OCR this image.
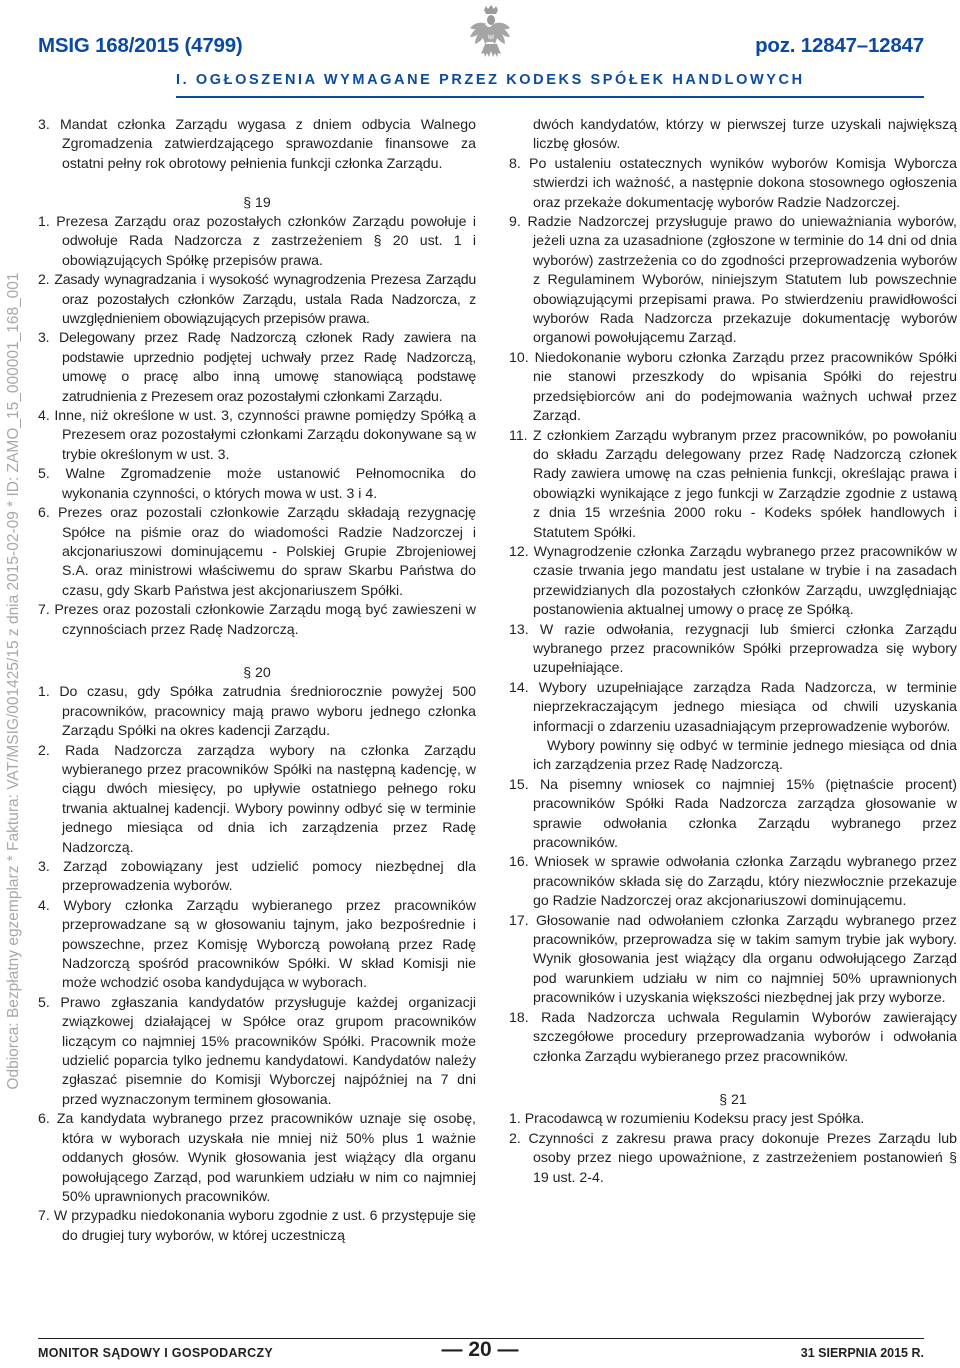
MSIG 168/2015 (4799)	poz. 12847–12847
I. OGŁOSZENIA WYMAGANE PRZEZ KODEKS SPÓŁEK HANDLOWYCH
Odbiorca: Bezpłatny egzemplarz * Faktura: VAT/MSIG/001425/15 z dnia 2015-02-09 * ID: ZAMO_15_000001_168_001

3. Mandat członka Zarządu wygasa z dniem odbycia Walnego Zgromadzenia zatwierdzającego sprawozdanie finansowe za ostatni pełny rok obrotowy pełnienia funkcji członka Zarządu.

§ 19

1. Prezesa Zarządu oraz pozostałych członków Zarządu powołuje i odwołuje Rada Nadzorcza z zastrzeżeniem § 20 ust. 1 i obowiązujących Spółkę przepisów prawa.

2. Zasady wynagradzania i wysokość wynagrodzenia Prezesa Zarządu oraz pozostałych członków Zarządu, ustala Rada Nadzorcza, z uwzględnieniem obowiązujących przepisów prawa.

3. Delegowany przez Radę Nadzorczą członek Rady zawiera na podstawie uprzednio podjętej uchwały przez Radę Nadzorczą, umowę o pracę albo inną umowę stanowiącą podstawę zatrudnienia z Prezesem oraz pozostałymi członkami Zarządu.

4. Inne, niż określone w ust. 3, czynności prawne pomiędzy Spółką a Prezesem oraz pozostałymi członkami Zarządu dokonywane są w trybie określonym w ust. 3.

5. Walne Zgromadzenie może ustanowić Pełnomocnika do wykonania czynności, o których mowa w ust. 3 i 4.

6. Prezes oraz pozostali członkowie Zarządu składają rezygnację Spółce na piśmie oraz do wiadomości Radzie Nadzorczej i akcjonariuszowi dominującemu - Polskiej Grupie Zbrojeniowej S.A. oraz ministrowi właściwemu do spraw Skarbu Państwa do czasu, gdy Skarb Państwa jest akcjonariuszem Spółki.

7. Prezes oraz pozostali członkowie Zarządu mogą być zawieszeni w czynnościach przez Radę Nadzorczą.

§ 20

1. Do czasu, gdy Spółka zatrudnia średniorocznie powyżej 500 pracowników, pracownicy mają prawo wyboru jednego członka Zarządu Spółki na okres kadencji Zarządu.

2. Rada Nadzorcza zarządza wybory na członka Zarządu wybieranego przez pracowników Spółki na następną kadencję, w ciągu dwóch miesięcy, po upływie ostatniego pełnego roku trwania aktualnej kadencji. Wybory powinny odbyć się w terminie jednego miesiąca od dnia ich zarządzenia przez Radę Nadzorczą.

3. Zarząd zobowiązany jest udzielić pomocy niezbędnej dla przeprowadzenia wyborów.

4. Wybory członka Zarządu wybieranego przez pracowników przeprowadzane są w głosowaniu tajnym, jako bezpośrednie i powszechne, przez Komisję Wyborczą powołaną przez Radę Nadzorczą spośród pracowników Spółki. W skład Komisji nie może wchodzić osoba kandydująca w wyborach.

5. Prawo zgłaszania kandydatów przysługuje każdej organizacji związkowej działającej w Spółce oraz grupom pracowników liczącym co najmniej 15% pracowników Spółki. Pracownik może udzielić poparcia tylko jednemu kandydatowi. Kandydatów należy zgłaszać pisemnie do Komisji Wyborczej najpóźniej na 7 dni przed wyznaczonym terminem głosowania.

6. Za kandydata wybranego przez pracowników uznaje się osobę, która w wyborach uzyskała nie mniej niż 50% plus 1 ważnie oddanych głosów. Wynik głosowania jest wiążący dla organu powołującego Zarząd, pod warunkiem udziału w nim co najmniej 50% uprawnionych pracowników.

7. W przypadku niedokonania wyboru zgodnie z ust. 6 przystępuje się do drugiej tury wyborów, w której uczestniczą

dwóch kandydatów, którzy w pierwszej turze uzyskali największą liczbę głosów.

8. Po ustaleniu ostatecznych wyników wyborów Komisja Wyborcza stwierdzi ich ważność, a następnie dokona stosownego ogłoszenia oraz przekaże dokumentację wyborów Radzie Nadzorczej.

9. Radzie Nadzorczej przysługuje prawo do unieważniania wyborów, jeżeli uzna za uzasadnione (zgłoszone w terminie do 14 dni od dnia wyborów) zastrzeżenia co do zgodności przeprowadzenia wyborów z Regulaminem Wyborów, niniejszym Statutem lub powszechnie obowiązującymi przepisami prawa. Po stwierdzeniu prawidłowości wyborów Rada Nadzorcza przekazuje dokumentację wyborów organowi powołującemu Zarząd.

10. Niedokonanie wyboru członka Zarządu przez pracowników Spółki nie stanowi przeszkody do wpisania Spółki do rejestru przedsiębiorców ani do podejmowania ważnych uchwał przez Zarząd.

11. Z członkiem Zarządu wybranym przez pracowników, po powołaniu do składu Zarządu delegowany przez Radę Nadzorczą członek Rady zawiera umowę na czas pełnienia funkcji, określając prawa i obowiązki wynikające z jego funkcji w Zarządzie zgodnie z ustawą z dnia 15 września 2000 roku - Kodeks spółek handlowych i Statutem Spółki.

12. Wynagrodzenie członka Zarządu wybranego przez pracowników w czasie trwania jego mandatu jest ustalane w trybie i na zasadach przewidzianych dla pozostałych członków Zarządu, uwzględniając postanowienia aktualnej umowy o pracę ze Spółką.

13. W razie odwołania, rezygnacji lub śmierci członka Zarządu wybranego przez pracowników Spółki przeprowadza się wybory uzupełniające.

14. Wybory uzupełniające zarządza Rada Nadzorcza, w terminie nieprzekraczającym jednego miesiąca od chwili uzyskania informacji o zdarzeniu uzasadniającym przeprowadzenie wyborów.

Wybory powinny się odbyć w terminie jednego miesiąca od dnia ich zarządzenia przez Radę Nadzorczą.

15. Na pisemny wniosek co najmniej 15% (piętnaście procent) pracowników Spółki Rada Nadzorcza zarządza głosowanie w sprawie odwołania członka Zarządu wybranego przez pracowników.

16. Wniosek w sprawie odwołania członka Zarządu wybranego przez pracowników składa się do Zarządu, który niezwłocznie przekazuje go Radzie Nadzorczej oraz akcjonariuszowi dominującemu.

17. Głosowanie nad odwołaniem członka Zarządu wybranego przez pracowników, przeprowadza się w takim samym trybie jak wybory. Wynik głosowania jest wiążący dla organu odwołującego Zarząd pod warunkiem udziału w nim co najmniej 50% uprawnionych pracowników i uzyskania większości niezbędnej jak przy wyborze.

18. Rada Nadzorcza uchwala Regulamin Wyborów zawierający szczegółowe procedury przeprowadzania wyborów i odwołania członka Zarządu wybieranego przez pracowników.

§ 21

1. Pracodawcą w rozumieniu Kodeksu pracy jest Spółka.

2. Czynności z zakresu prawa pracy dokonuje Prezes Zarządu lub osoby przez niego upoważnione, z zastrzeżeniem postanowień § 19 ust. 2-4.

MONITOR SĄDOWY I GOSPODARCZY	— 20 —	31 SIERPNIA 2015 R.
